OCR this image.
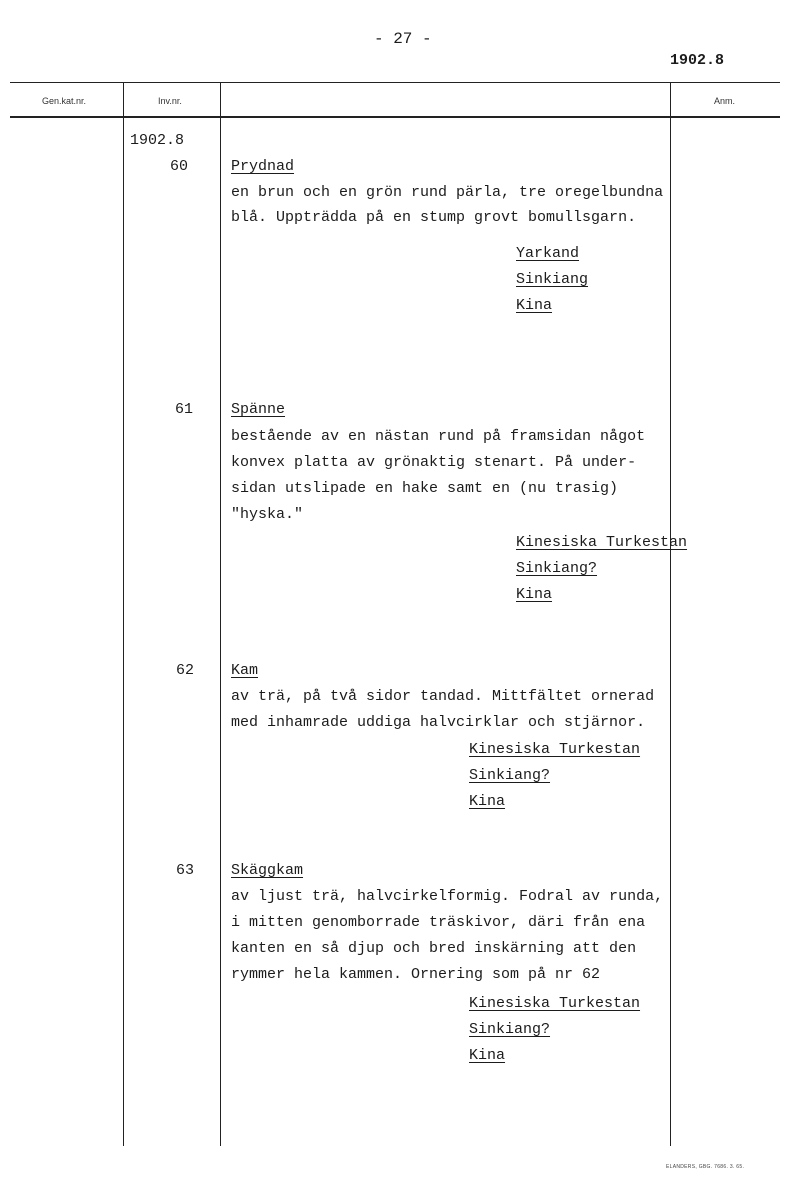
- 27 -
1902.8
Gen.kat.nr.	Inv.nr.	Anm.
1902.8
60	Prydnad
en brun och en grön rund pärla, tre oregelbundna
blå. Uppträdda på en stump grovt bomullsgarn.
Yarkand
Sinkiang
Kina
61	Spänne
bestående av en nästan rund på framsidan något
konvex platta av grönaktig stenart. På under-
sidan utslipade en hake samt en (nu trasig)
"hyska."
Kinesiska Turkestan
Sinkiang?
Kina
62 Kam
av trä, på två sidor tandad. Mittfältet ornerad
med inhamrade uddiga halvcirklar och stjärnor.
Kinesiska Turkestan
Sinkiang?
Kina
63 Skäggkam
av ljust trä, halvcirkelformig. Fodral av runda,
i mitten genomborrade träskivor, däri från ena
kanten en så djup och bred inskärning att den
rymmer hela kammen. Ornering som på nr 62
Kinesiska Turkestan
Sinkiang?
Kina
ELANDERS, GBG. 7686. 3. 65.
